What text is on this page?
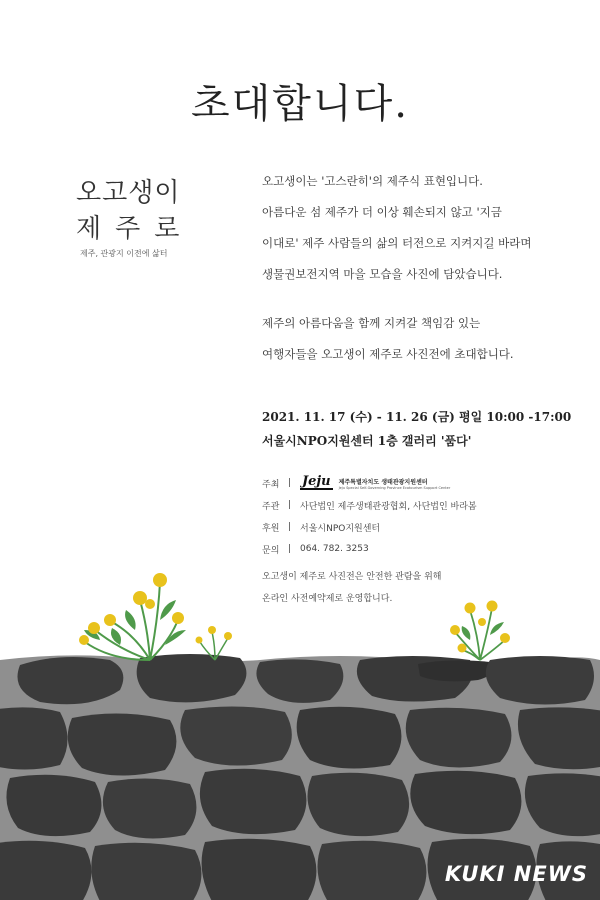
초대합니다.
오고생이
제주로
제주, 관광지 이전에 삶터

오고생이는 '고스란히'의 제주식 표현입니다.

아름다운 섬 제주가 더 이상 훼손되지 않고 '지금

이대로' 제주 사람들의 삶의 터전으로 지켜지길 바라며

생물권보전지역 마을 모습을 사진에 담았습니다.

제주의 아름다움을 함께 지켜갈 책임감 있는

여행자들을 오고생이 제주로 사진전에 초대합니다.

2021. 11. 17 (수) - 11. 26 (금) 평일 10:00 -17:00
서울시NPO지원센터 1층 갤러리 '품다'
주최 | Jeju	제주특별자치도 생태관광지원센터
Jeju Special Self-Governing Province Ecotourism Support Center
주관 | 사단법인 제주생태관광협회, 사단법인 바라봄
후원 | 서울시NPO지원센터
문의 | 064. 782. 3253

오고생이 제주로 사진전은 안전한 관람을 위해

온라인 사전예약제로 운영합니다.

KUKI NEWS
